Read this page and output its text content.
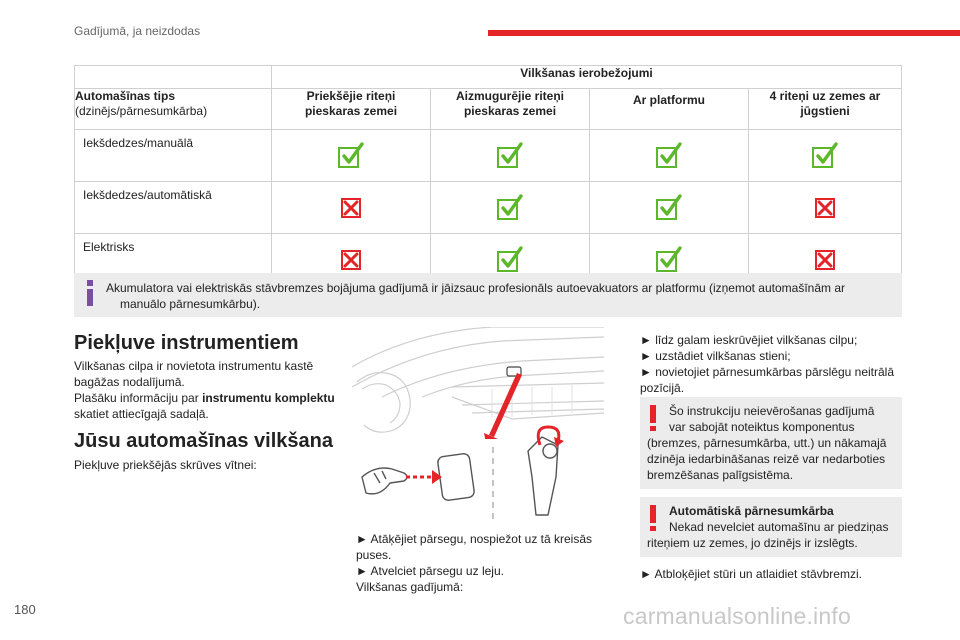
Gadījumā, ja neizdodas
	Vilkšanas ierobežojumi			
Automašīnas tips
(dzinējs/pārnesumkārba)	Priekšējie riteņi
pieskaras zemei	Aizmugurējie riteņi
pieskaras zemei	Ar platformu	4 riteņi uz zemes ar
jūgstieni
Iekšdedzes/manuālā				
Iekšdedzes/automātiskā				
Elektrisks				
Akumulatora vai elektriskās stāvbremzes bojājuma gadījumā ir jāizsauc profesionāls autoevakuators ar platformu (izņemot automašīnām ar
manuālo pārnesumkārbu).
Piekļuve instrumentiem
Vilkšanas cilpa ir novietota instrumentu kastē
bagāžas nodalījumā.
Plašāku informāciju par instrumentu komplektu
skatiet attiecīgajā sadaļā.
Jūsu automašīnas vilkšana
Piekļuve priekšējās skrūves vītnei:
► Atāķējiet pārsegu, nospiežot uz tā kreisās
puses.
► Atvelciet pārsegu uz leju.
Vilkšanas gadījumā:
► līdz galam ieskrūvējiet vilkšanas cilpu;
► uzstādiet vilkšanas stieni;
► novietojiet pārnesumkārbas pārslēgu neitrālā
pozīcijā.
Šo instrukciju neievērošanas gadījumā
var sabojāt noteiktus komponentus
(bremzes, pārnesumkārba, utt.) un nākamajā
dzinēja iedarbināšanas reizē var nedarboties
bremzēšanas palīgsistēma.
Automātiskā pārnesumkārba
Nekad nevelciet automašīnu ar piedziņas
riteņiem uz zemes, jo dzinējs ir izslēgts.
► Atbloķējiet stūri un atlaidiet stāvbremzi.
180	carmanualsonline.info
